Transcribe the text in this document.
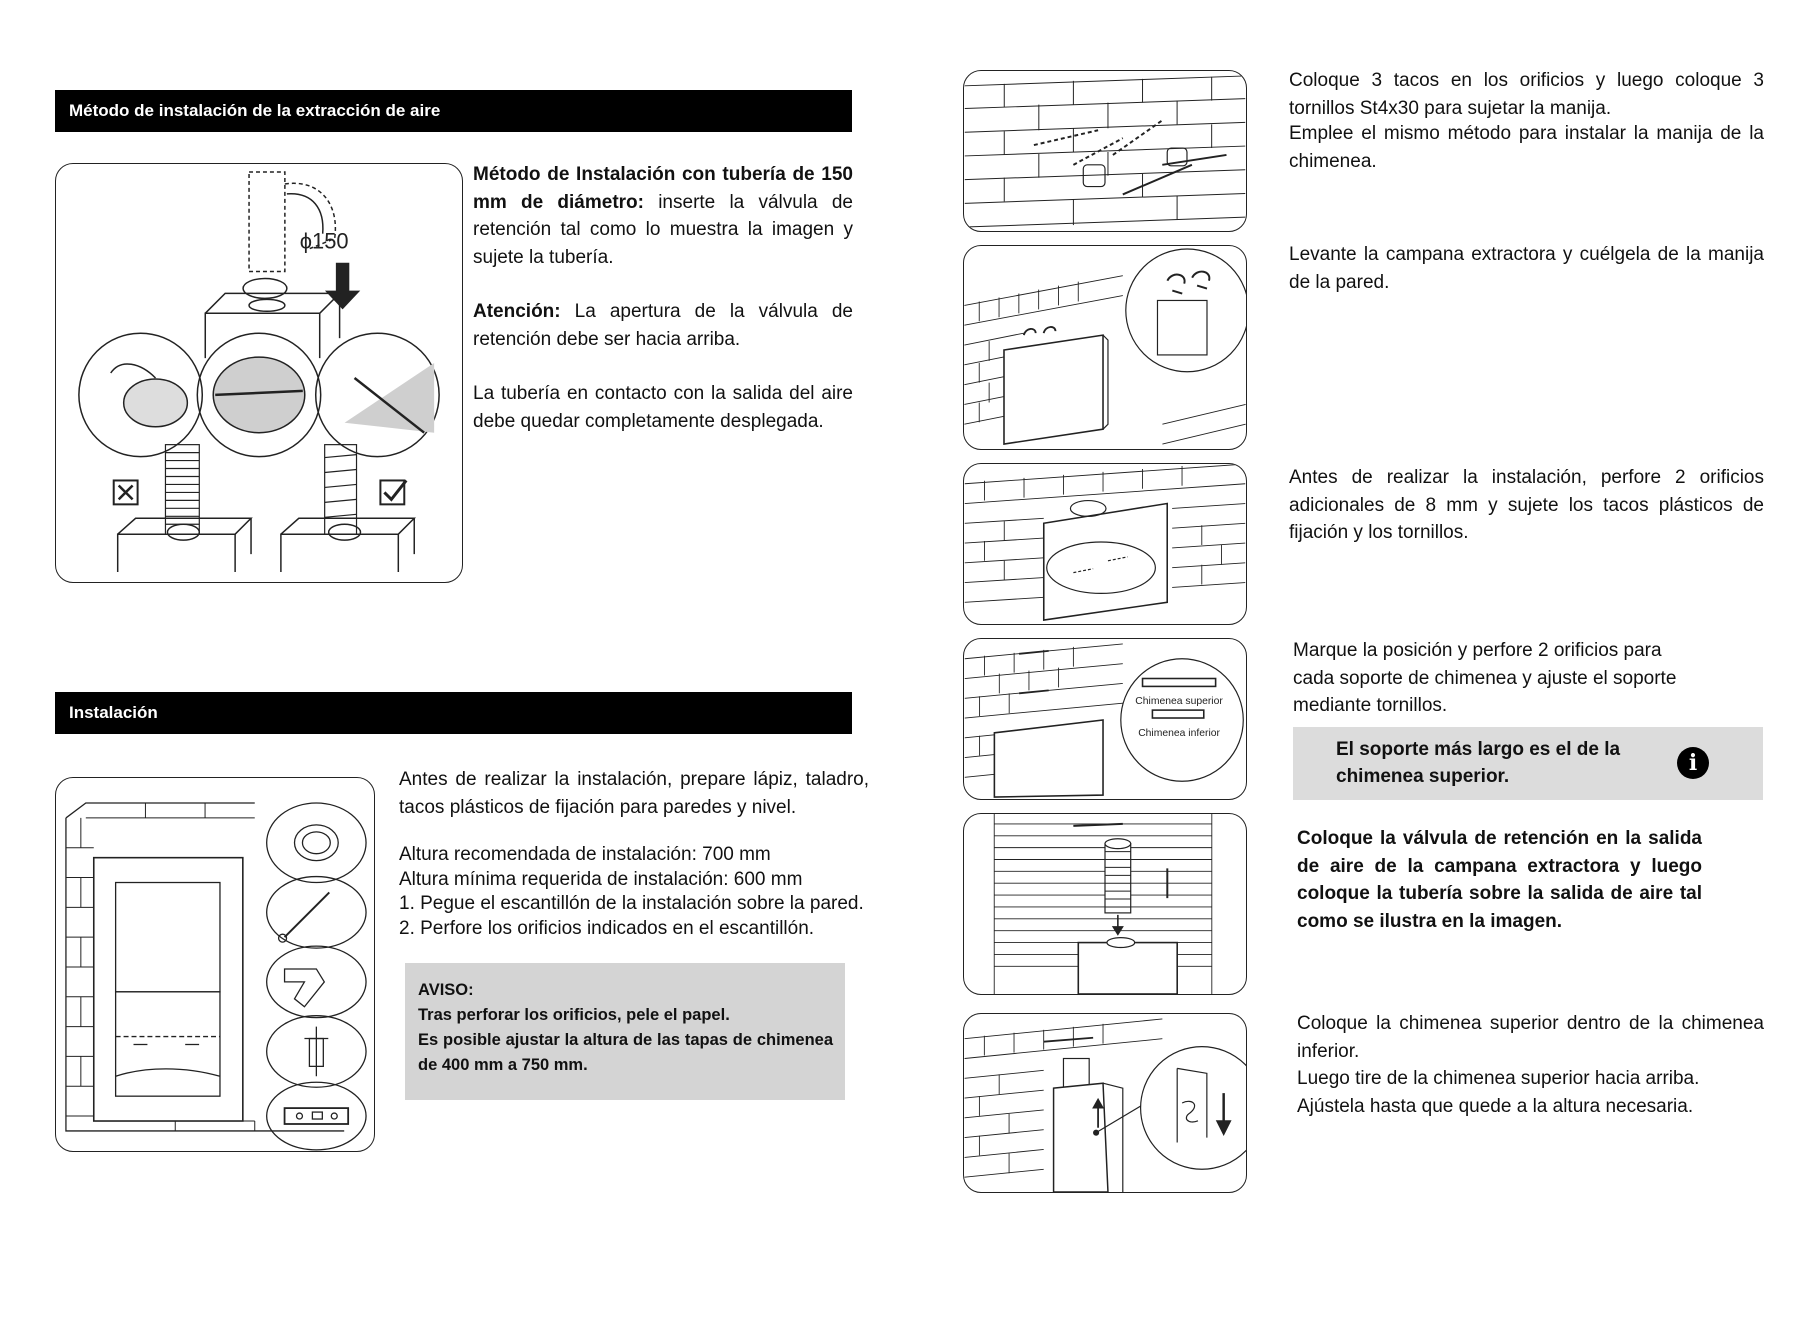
Método de instalación de la extracción de aire
ϕ150

Método de Instalación con tubería de 150 mm de diámetro: inserte la válvula de retención tal como lo muestra la imagen y sujete la tubería.

Atención: La apertura de la válvula de retención debe ser hacia arriba.

La tubería en contacto con la salida del aire debe quedar completamente desplegada.

Instalación

Antes de realizar la instalación, prepare lápiz, taladro, tacos plásticos de fijación para paredes y nivel.

Altura recomendada de instalación: 700 mm

Altura mínima requerida de instalación: 600 mm

1. Pegue el escantillón de la instalación sobre la pared.

2. Perfore los orificios indicados en el escantillón.

AVISO:
Tras perforar los orificios, pele el papel.
Es posible ajustar la altura de las tapas de chimenea de 400 mm a 750 mm.

Coloque 3 tacos en los orificios y luego coloque 3 tornillos St4x30 para sujetar la manija.

Emplee el mismo método para instalar la manija de la chimenea.

Levante la campana extractora y cuélgela de la manija de la pared.

Antes de realizar la instalación, perfore 2 orificios adicionales de 8 mm y sujete los tacos plásticos de fijación y los tornillos.

Chimenea superior
Chimenea inferior

Marque la posición y perfore 2 orificios para cada soporte de chimenea y ajuste el soporte mediante tornillos.

El soporte más largo es el de la chimenea superior.
i

Coloque la válvula de retención en la salida de aire de la campana extractora y luego coloque la tubería sobre la salida de aire tal como se ilustra en la imagen.

Coloque la chimenea superior dentro de la chimenea inferior.

Luego tire de la chimenea superior hacia arriba.

Ajústela hasta que quede a la altura necesaria.
